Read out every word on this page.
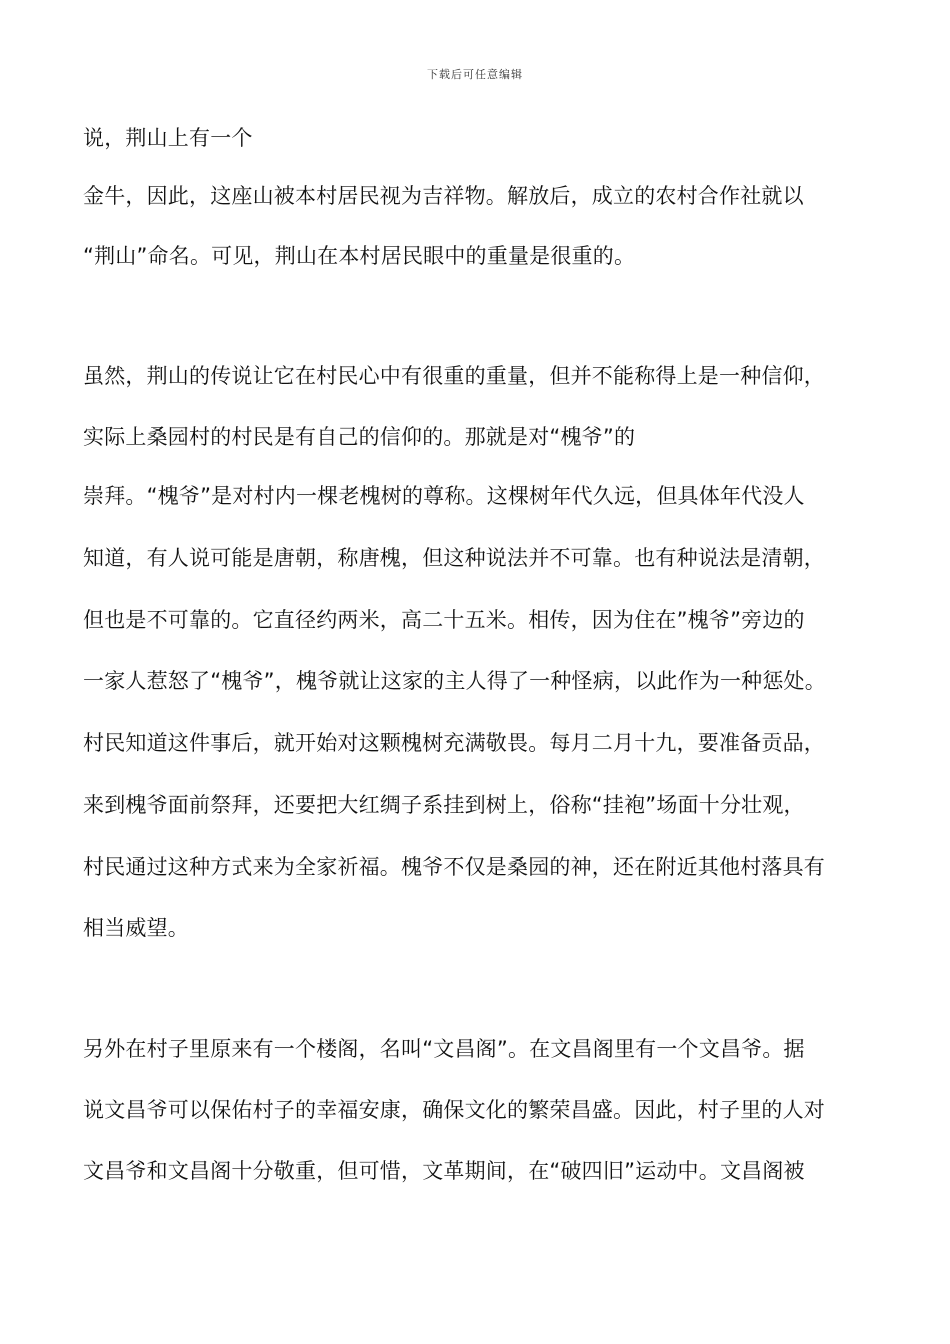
下载后可任意编辑
说，荆山上有一个
金牛，因此，这座山被本村居民视为吉祥物。解放后，成立的农村合作社就以
“荆山”命名。可见，荆山在本村居民眼中的重量是很重的。
虽然，荆山的传说让它在村民心中有很重的重量，但并不能称得上是一种信仰，
实际上桑园村的村民是有自己的信仰的。那就是对“槐爷”的
崇拜。“槐爷”是对村内一棵老槐树的尊称。这棵树年代久远，但具体年代没人
知道，有人说可能是唐朝，称唐槐，但这种说法并不可靠。也有种说法是清朝，
但也是不可靠的。它直径约两米，高二十五米。相传，因为住在”槐爷”旁边的
一家人惹怒了“槐爷”，槐爷就让这家的主人得了一种怪病，以此作为一种惩处。
村民知道这件事后，就开始对这颗槐树充满敬畏。每月二月十九，要准备贡品，
来到槐爷面前祭拜，还要把大红绸子系挂到树上，俗称“挂袍”场面十分壮观，
村民通过这种方式来为全家祈福。槐爷不仅是桑园的神，还在附近其他村落具有
相当威望。
另外在村子里原来有一个楼阁，名叫“文昌阁”。在文昌阁里有一个文昌爷。据
说文昌爷可以保佑村子的幸福安康，确保文化的繁荣昌盛。因此，村子里的人对
文昌爷和文昌阁十分敬重，但可惜，文革期间，在“破四旧”运动中。文昌阁被
